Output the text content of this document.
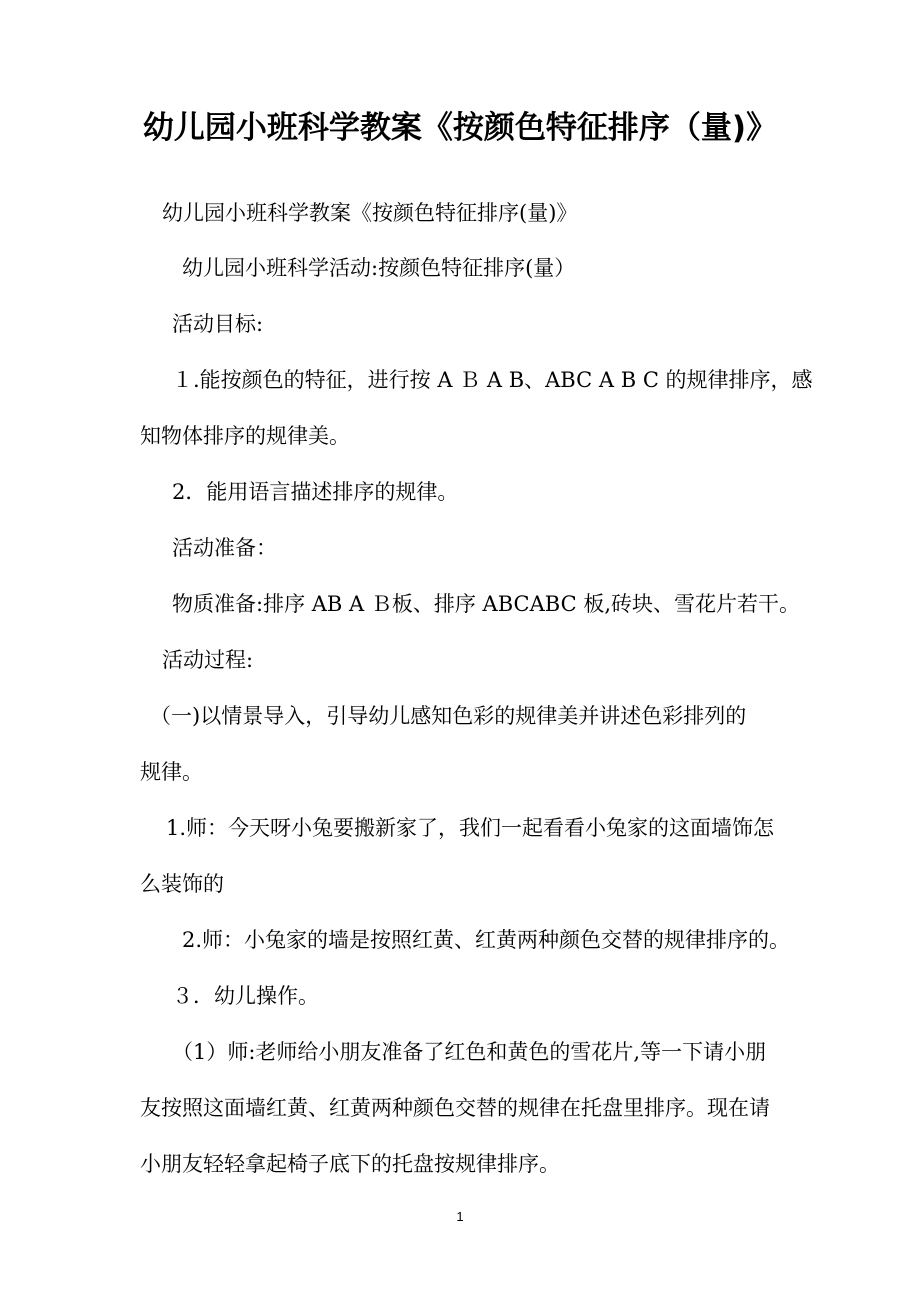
幼儿园小班科学教案《按颜色特征排序（量)》
幼儿园小班科学教案《按颜色特征排序(量)》
幼儿园小班科学活动:按颜色特征排序(量）
活动目标:
１.能按颜色的特征，进行按 A Ｂ A B、ABC A B C 的规律排序，感
知物体排序的规律美。
2．能用语言描述排序的规律。
活动准备：
物质准备:排序 AB A Ｂ板、排序 ABCABC 板,砖块、雪花片若干。
活动过程:
（一)以情景导入，引导幼儿感知色彩的规律美并讲述色彩排列的
规律。
1.师：今天呀小兔要搬新家了，我们一起看看小兔家的这面墙饰怎
么装饰的
2.师：小兔家的墙是按照红黄、红黄两种颜色交替的规律排序的。
３．幼儿操作。
（1）师:老师给小朋友准备了红色和黄色的雪花片,等一下请小朋
友按照这面墙红黄、红黄两种颜色交替的规律在托盘里排序。现在请
小朋友轻轻拿起椅子底下的托盘按规律排序。
1
